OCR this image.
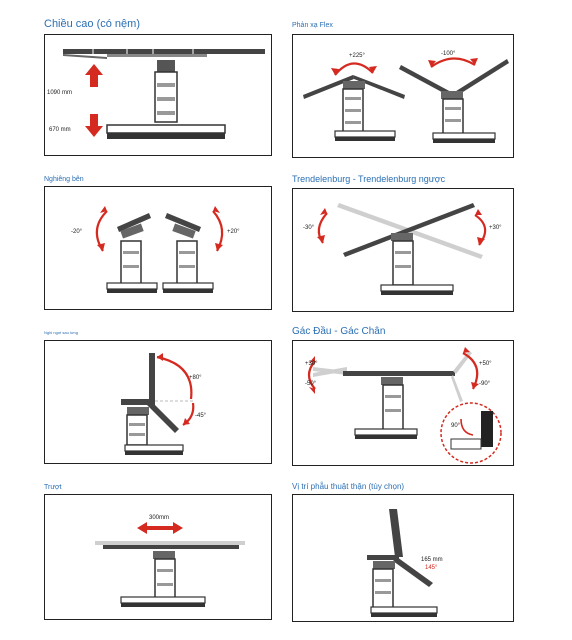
Chiều cao (có nệm)
1090 mm
670 mm
Phản xạ Flex
+225°	-100°
Nghiêng bên
-20°	+20°
Trendelenburg - Trendelenburg ngược
-30°	+30°
Nghi ngơi sau lưng
+80°
-45°
Gác Đầu - Gác Chân
+30°
-50°
+50°
-90°
90°
Trượt
300mm
Vị trí phẫu thuật thận (tùy chọn)
165 mm
145°
